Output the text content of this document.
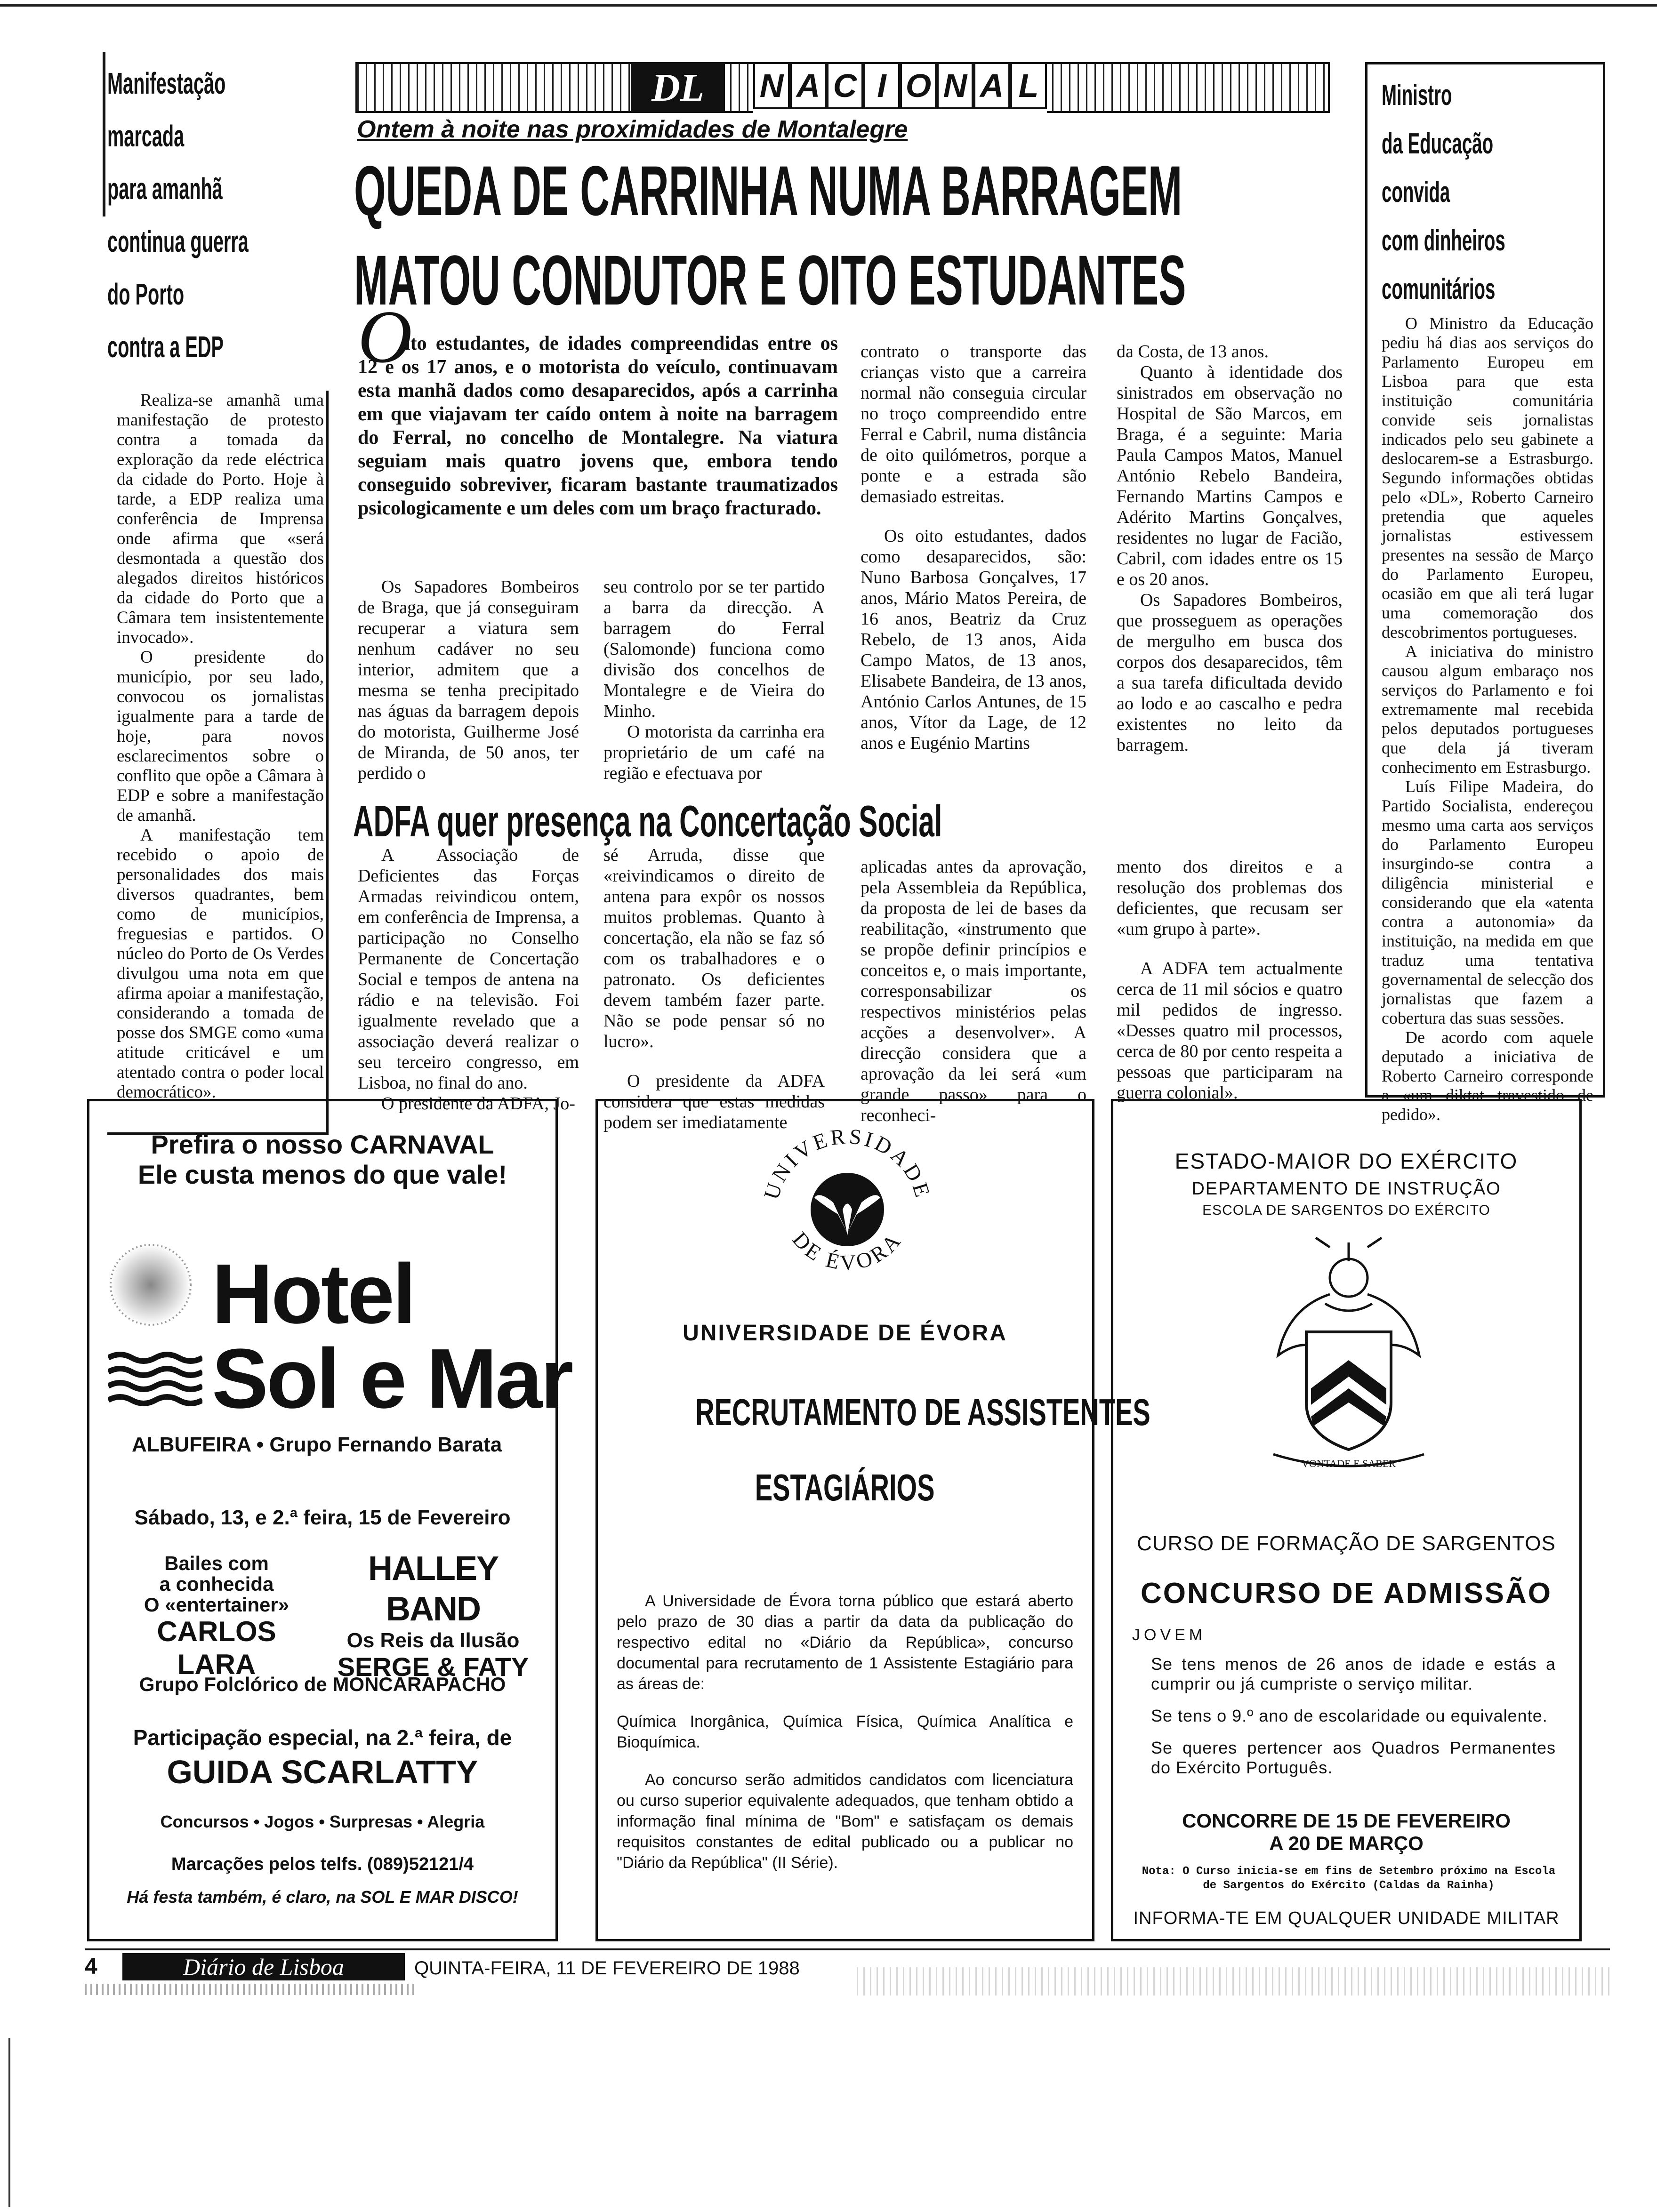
Manifestação
marcada
para amanhã
continua guerra
do Porto
contra a EDP

Realiza-se amanhã uma manifestação de protesto contra a tomada da exploração da rede eléctrica da cidade do Porto. Hoje à tarde, a EDP realiza uma conferência de Imprensa onde afirma que «será desmontada a questão dos alegados direitos históricos da cidade do Porto que a Câmara tem insistentemente invocado».

O presidente do município, por seu lado, convocou os jornalistas igualmente para a tarde de hoje, para novos esclarecimentos sobre o conflito que opõe a Câmara à EDP e sobre a manifestação de amanhã.

A manifestação tem recebido o apoio de personalidades dos mais diversos quadrantes, bem como de municípios, freguesias e partidos. O núcleo do Porto de Os Verdes divulgou uma nota em que afirma apoiar a manifestação, considerando a tomada de posse dos SMGE como «uma atitude criticável e um atentado contra o poder local democrático».

DL	N A C I O N A L
Ontem à noite nas proximidades de Montalegre
QUEDA DE CARRINHA NUMA BARRAGEM
MATOU CONDUTOR E OITO ESTUDANTES
O
ito estudantes, de idades compreendidas entre os 12 e os 17 anos, e o motorista do veículo, continuavam esta manhã dados como desaparecidos, após a carrinha em que viajavam ter caído ontem à noite na barragem do Ferral, no concelho de Montalegre. Na viatura seguiam mais quatro jovens que, embora tendo conseguido sobreviver, ficaram bastante traumatizados psicologicamente e um deles com um braço fracturado.

Os Sapadores Bombeiros de Braga, que já conseguiram recuperar a viatura sem nenhum cadáver no seu interior, admitem que a mesma se tenha precipitado nas águas da barragem depois do motorista, Guilherme José de Miranda, de 50 anos, ter perdido o

seu controlo por se ter partido a barra da direcção. A barragem do Ferral (Salomonde) funciona como divisão dos concelhos de Montalegre e de Vieira do Minho.

O motorista da carrinha era proprietário de um café na região e efectuava por

contrato o transporte das crianças visto que a carreira normal não conseguia circular no troço compreendido entre Ferral e Cabril, numa distância de oito quilómetros, porque a ponte e a estrada são demasiado estreitas.

Os oito estudantes, dados como desaparecidos, são: Nuno Barbosa Gonçalves, 17 anos, Mário Matos Pereira, de 16 anos, Beatriz da Cruz Rebelo, de 13 anos, Aida Campo Matos, de 13 anos, Elisabete Bandeira, de 13 anos, António Carlos Antunes, de 15 anos, Vítor da Lage, de 12 anos e Eugénio Martins

da Costa, de 13 anos.

Quanto à identidade dos sinistrados em observação no Hospital de São Marcos, em Braga, é a seguinte: Maria Paula Campos Matos, Manuel António Rebelo Bandeira, Fernando Martins Campos e Adérito Martins Gonçalves, residentes no lugar de Facião, Cabril, com idades entre os 15 e os 20 anos.

Os Sapadores Bombeiros, que prosseguem as operações de mergulho em busca dos corpos dos desaparecidos, têm a sua tarefa dificultada devido ao lodo e ao cascalho e pedra existentes no leito da barragem.

ADFA quer presença na Concertação Social

A Associação de Deficientes das Forças Armadas reivindicou ontem, em conferência de Imprensa, a participação no Conselho Permanente de Concertação Social e tempos de antena na rádio e na televisão. Foi igualmente revelado que a associação deverá realizar o seu terceiro congresso, em Lisboa, no final do ano.

O presidente da ADFA, Jo-

sé Arruda, disse que «reivindicamos o direito de antena para expôr os nossos muitos problemas. Quanto à concertação, ela não se faz só com os trabalhadores e o patronato. Os deficientes devem também fazer parte. Não se pode pensar só no lucro».

O presidente da ADFA considera que estas medidas podem ser imediatamente

aplicadas antes da aprovação, pela Assembleia da República, da proposta de lei de bases da reabilitação, «instrumento que se propõe definir princípios e conceitos e, o mais importante, corresponsabilizar os respectivos ministérios pelas acções a desenvolver». A direcção considera que a aprovação da lei será «um grande passo» para o reconheci-

mento dos direitos e a resolução dos problemas dos deficientes, que recusam ser «um grupo à parte».

A ADFA tem actualmente cerca de 11 mil sócios e quatro mil pedidos de ingresso. «Desses quatro mil processos, cerca de 80 por cento respeita a pessoas que participaram na guerra colonial».

Ministro
da Educação
convida
com dinheiros
comunitários

O Ministro da Educação pediu há dias aos serviços do Parlamento Europeu em Lisboa para que esta instituição comunitária convide seis jornalistas indicados pelo seu gabinete a deslocarem-se a Estrasburgo. Segundo informações obtidas pelo «DL», Roberto Carneiro pretendia que aqueles jornalistas estivessem presentes na sessão de Março do Parlamento Europeu, ocasião em que ali terá lugar uma comemoração dos descobrimentos portugueses.

A iniciativa do ministro causou algum embaraço nos serviços do Parlamento e foi extremamente mal recebida pelos deputados portugueses que dela já tiveram conhecimento em Estrasburgo.

Luís Filipe Madeira, do Partido Socialista, endereçou mesmo uma carta aos serviços do Parlamento Europeu insurgindo-se contra a diligência ministerial e considerando que ela «atenta contra a autonomia» da instituição, na medida em que traduz uma tentativa governamental de selecção dos jornalistas que fazem a cobertura das suas sessões.

De acordo com aquele deputado a iniciativa de Roberto Carneiro corresponde a «um diktat travestido de pedido».

Prefira o nosso CARNAVAL
Ele custa menos do que vale!
Hotel
Sol e Mar
ALBUFEIRA • Grupo Fernando Barata
Sábado, 13, e 2.ª feira, 15 de Fevereiro
Bailes com
a conhecida
O «entertainer»
CARLOS LARA
HALLEY BAND
Os Reis da Ilusão
SERGE & FATY
Grupo Folclórico de MONCARAPACHO
Participação especial, na 2.ª feira, de
GUIDA SCARLATTY
Concursos • Jogos • Surpresas • Alegria
Marcações pelos telfs. (089)52121/4
Há festa também, é claro, na SOL E MAR DISCO!
UNIVERSIDADE
DE ÉVORA
UNIVERSIDADE DE ÉVORA
RECRUTAMENTO DE ASSISTENTES
ESTAGIÁRIOS

A Universidade de Évora torna público que estará aberto pelo prazo de 30 dias a partir da data da publicação do respectivo edital no «Diário da República», concurso documental para recrutamento de 1 Assistente Estagiário para as áreas de:

Química Inorgânica, Química Física, Química Analítica e Bioquímica.

Ao concurso serão admitidos candidatos com licenciatura ou curso superior equivalente adequados, que tenham obtido a informação final mínima de "Bom" e satisfaçam os demais requisitos constantes de edital publicado ou a publicar no "Diário da República" (II Série).

ESTADO-MAIOR DO EXÉRCITO
DEPARTAMENTO DE INSTRUÇÃO
ESCOLA DE SARGENTOS DO EXÉRCITO
VONTADE E SABER
CURSO DE FORMAÇÃO DE SARGENTOS
CONCURSO DE ADMISSÃO
JOVEM
Se tens menos de 26 anos de idade e estás a cumprir ou já cumpriste o serviço militar.
Se tens o 9.º ano de escolaridade ou equivalente.
Se queres pertencer aos Quadros Permanentes do Exército Português.
CONCORRE DE 15 DE FEVEREIRO
A 20 DE MARÇO
Nota: O Curso inicia-se em fins de Setembro próximo na Escola de Sargentos do Exército (Caldas da Rainha)
INFORMA-TE EM QUALQUER UNIDADE MILITAR
4	Diário de Lisboa	QUINTA-FEIRA, 11 DE FEVEREIRO DE 1988
